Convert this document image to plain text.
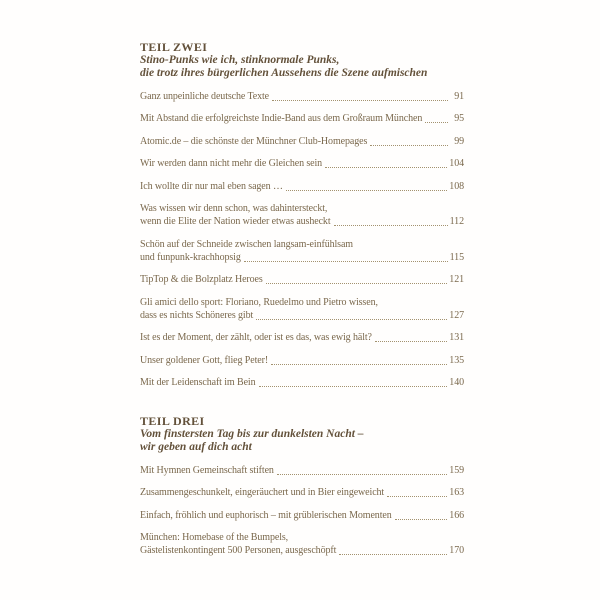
TEIL ZWEI
Stino-Punks wie ich, stinknormale Punks,
die trotz ihres bürgerlichen Aussehens die Szene aufmischen
Ganz unpeinliche deutsche Texte	91
Mit Abstand die erfolgreichste Indie-Band aus dem Großraum München	95
Atomic.de – die schönste der Münchner Club-Homepages	99
Wir werden dann nicht mehr die Gleichen sein	104
Ich wollte dir nur mal eben sagen …	108
Was wissen wir denn schon, was dahintersteckt,
wenn die Elite der Nation wieder etwas ausheckt	112
Schön auf der Schneide zwischen langsam-einfühlsam
und funpunk-krachhopsig	115
TipTop & die Bolzplatz Heroes	121
Gli amici dello sport: Floriano, Ruedelmo und Pietro wissen,
dass es nichts Schöneres gibt	127
Ist es der Moment, der zählt, oder ist es das, was ewig hält?	131
Unser goldener Gott, flieg Peter!	135
Mit der Leidenschaft im Bein	140
TEIL DREI
Vom finstersten Tag bis zur dunkelsten Nacht –
wir geben auf dich acht
Mit Hymnen Gemeinschaft stiften	159
Zusammengeschunkelt, eingeräuchert und in Bier eingeweicht	163
Einfach, fröhlich und euphorisch – mit grüblerischen Momenten	166
München: Homebase of the Bumpels,
Gästelistenkontingent 500 Personen, ausgeschöpft	170
